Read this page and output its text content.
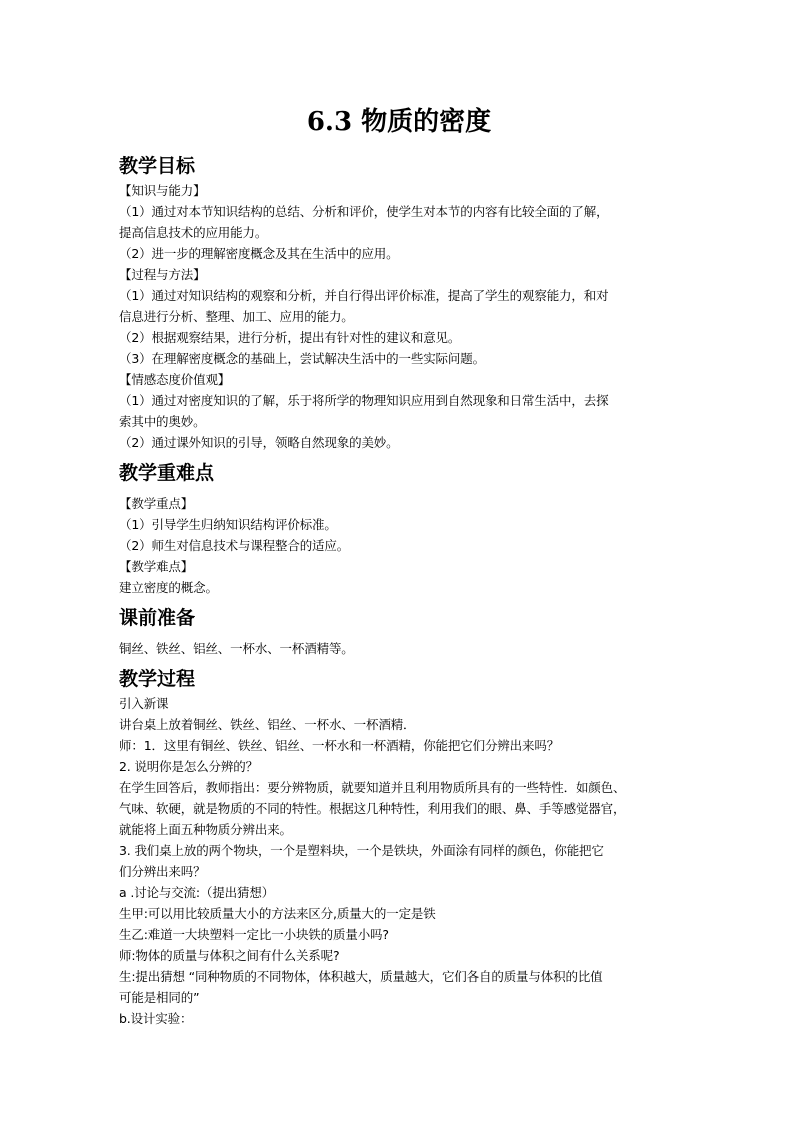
6.3 物质的密度
教学目标

【知识与能力】

（1）通过对本节知识结构的总结、分析和评价，使学生对本节的内容有比较全面的了解，

提高信息技术的应用能力。

（2）进一步的理解密度概念及其在生活中的应用。

【过程与方法】

（1）通过对知识结构的观察和分析，并自行得出评价标准，提高了学生的观察能力，和对

信息进行分析、整理、加工、应用的能力。

（2）根据观察结果，进行分析，提出有针对性的建议和意见。

（3）在理解密度概念的基础上，尝试解决生活中的一些实际问题。

【情感态度价值观】

（1）通过对密度知识的了解，乐于将所学的物理知识应用到自然现象和日常生活中，去探

索其中的奥妙。

（2）通过课外知识的引导，领略自然现象的美妙。

教学重难点

【教学重点】

（1）引导学生归纳知识结构评价标准。

（2）师生对信息技术与课程整合的适应。

【教学难点】

建立密度的概念。

课前准备

铜丝、铁丝、铝丝、一杯水、一杯酒精等。

教学过程

引入新课

讲台桌上放着铜丝、铁丝、铝丝、一杯水、一杯酒精．

师：1．这里有铜丝、铁丝、铝丝、一杯水和一杯酒精，你能把它们分辨出来吗？

2. 说明你是怎么分辨的？

在学生回答后，教师指出：要分辨物质，就要知道并且利用物质所具有的一些特性．如颜色、

气味、软硬，就是物质的不同的特性。根据这几种特性，利用我们的眼、鼻、手等感觉器官，

就能将上面五种物质分辨出来。

3. 我们桌上放的两个物块，一个是塑料块，一个是铁块，外面涂有同样的颜色，你能把它

们分辨出来吗？

a .讨论与交流:（提出猜想）

生甲:可以用比较质量大小的方法来区分,质量大的一定是铁

生乙:难道一大块塑料一定比一小块铁的质量小吗?

师:物体的质量与体积之间有什么关系呢?

生:提出猜想 “同种物质的不同物体，体积越大，质量越大，它们各自的质量与体积的比值

可能是相同的”

b.设计实验：
